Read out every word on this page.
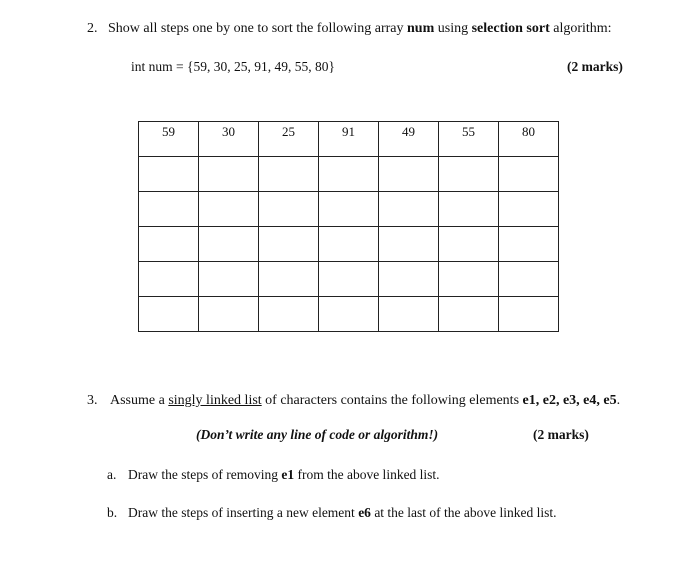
2. Show all steps one by one to sort the following array num using selection sort algorithm:
int num = {59, 30, 25, 91, 49, 55, 80}	(2 marks)
59	30	25	91	49	55	80

3. Assume a singly linked list of characters contains the following elements e1, e2, e3, e4, e5.
(Don’t write any line of code or algorithm!)	(2 marks)
a. Draw the steps of removing e1 from the above linked list.
b. Draw the steps of inserting a new element e6 at the last of the above linked list.
